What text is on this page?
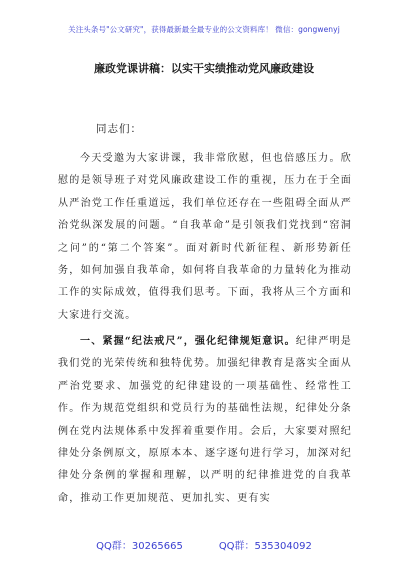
关注头条号"公文研究"，获得最新最全最专业的公文资料库！ 微信：gongwenyj
廉政党课讲稿：以实干实绩推动党风廉政建设
同志们：
今天受邀为大家讲课，我非常欣慰，但也倍感压力。欣慰的是领导班子对党风廉政建设工作的重视，压力在于全面从严治党工作任重道远，我们单位还存在一些阻碍全面从严治党纵深发展的问题。“自我革命”是引领我们党找到“窑洞之问”的“第二个答案”。面对新时代新征程、新形势新任务，如何加强自我革命，如何将自我革命的力量转化为推动工作的实际成效，值得我们思考。下面，我将从三个方面和大家进行交流。
一、紧握“纪法戒尺”，强化纪律规矩意识。纪律严明是我们党的光荣传统和独特优势。加强纪律教育是落实全面从严治党要求、加强党的纪律建设的一项基础性、经常性工作。作为规范党组织和党员行为的基础性法规，纪律处分条例在党内法规体系中发挥着重要作用。会后，大家要对照纪律处分条例原文，原原本本、逐字逐句进行学习，加深对纪律处分条例的掌握和理解，以严明的纪律推进党的自我革命，推动工作更加规范、更加扎实、更有实
QQ群：30265665	QQ群：535304092
